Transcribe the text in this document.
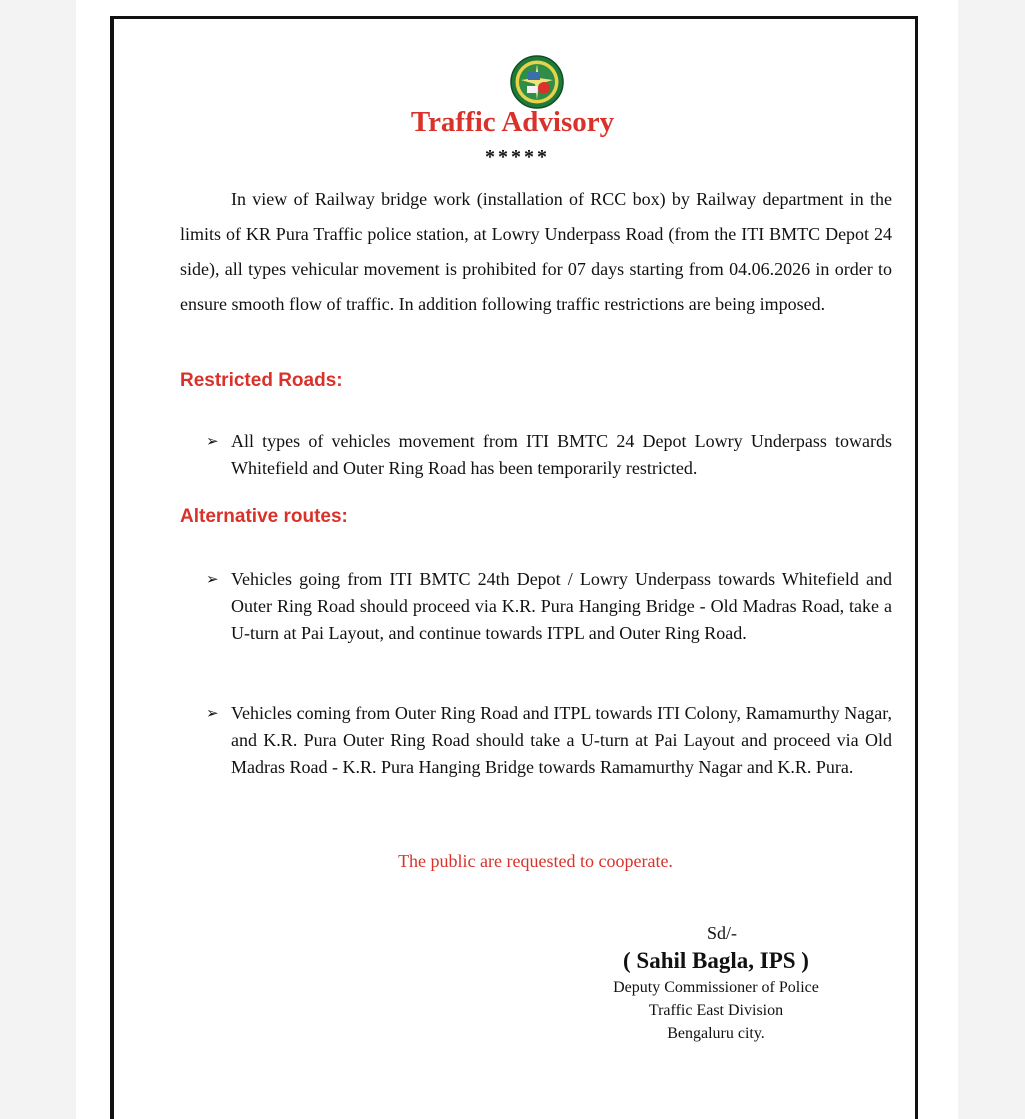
Traffic Advisory
*****

In view of Railway bridge work (installation of RCC box) by Railway department in the limits of KR Pura Traffic police station, at Lowry Underpass Road (from the ITI BMTC Depot 24 side), all types vehicular movement is prohibited for 07 days starting from 04.06.2026 in order to ensure smooth flow of traffic. In addition following traffic restrictions are being imposed.

Restricted Roads:
➢ All types of vehicles movement from ITI BMTC 24 Depot Lowry Underpass towards Whitefield and Outer Ring Road has been temporarily restricted.
Alternative routes:
➢ Vehicles going from ITI BMTC 24th Depot / Lowry Underpass towards Whitefield and Outer Ring Road should proceed via K.R. Pura Hanging Bridge - Old Madras Road, take a U-turn at Pai Layout, and continue towards ITPL and Outer Ring Road.
➢ Vehicles coming from Outer Ring Road and ITPL towards ITI Colony, Ramamurthy Nagar, and K.R. Pura Outer Ring Road should take a U-turn at Pai Layout and proceed via Old Madras Road - K.R. Pura Hanging Bridge towards Ramamurthy Nagar and K.R. Pura.
The public are requested to cooperate.
Sd/-
( Sahil Bagla, IPS )
Deputy Commissioner of Police
Traffic East Division
Bengaluru city.
